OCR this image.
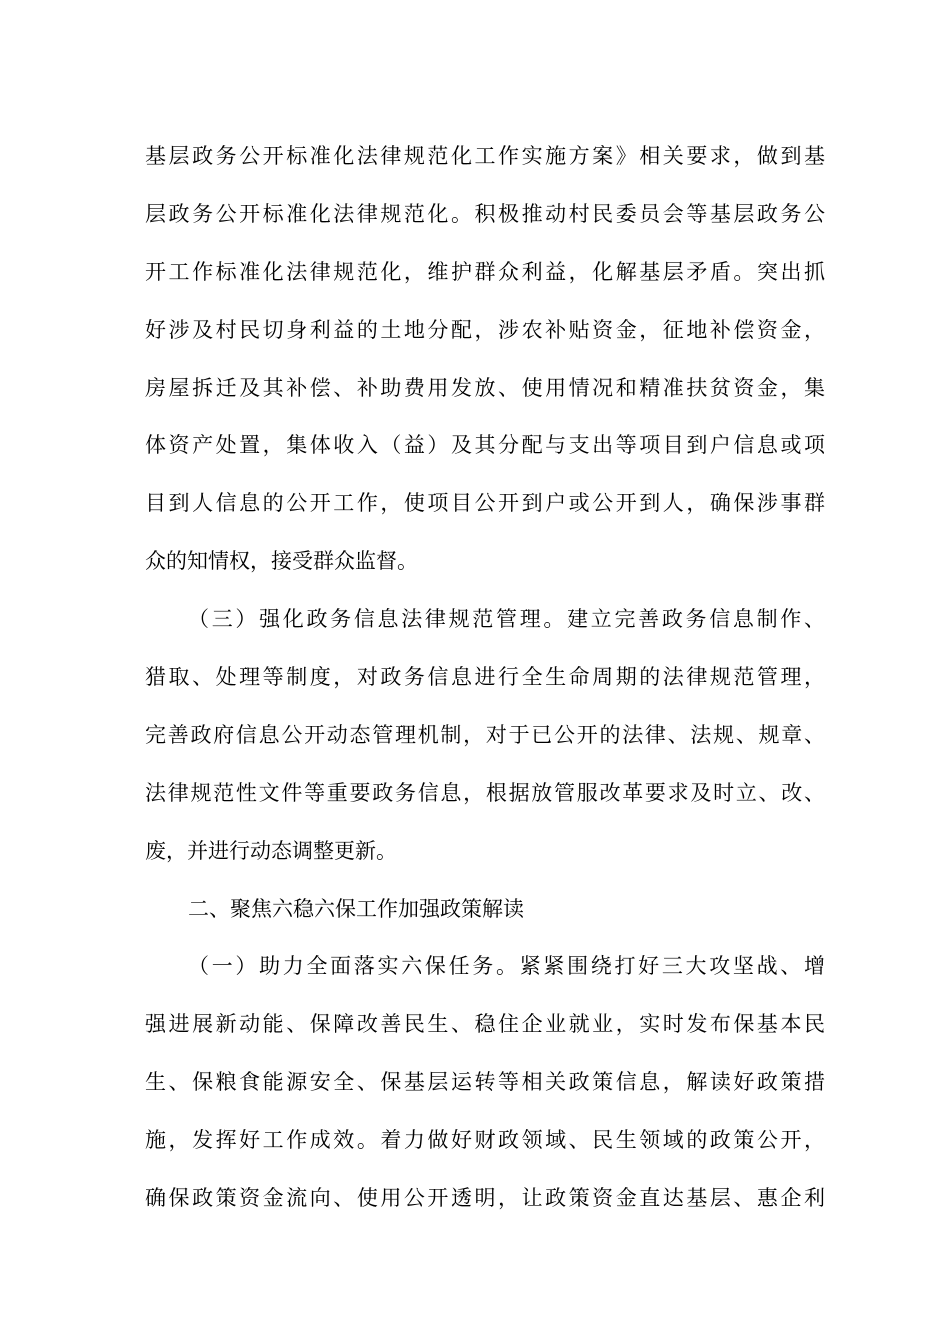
基层政务公开标准化法律规范化工作实施方案》相关要求，做到基
层政务公开标准化法律规范化。积极推动村民委员会等基层政务公
开工作标准化法律规范化，维护群众利益，化解基层矛盾。突出抓
好涉及村民切身利益的土地分配，涉农补贴资金，征地补偿资金，
房屋拆迁及其补偿、补助费用发放、使用情况和精准扶贫资金，集
体资产处置，集体收入（益）及其分配与支出等项目到户信息或项
目到人信息的公开工作，使项目公开到户或公开到人，确保涉事群
众的知情权，接受群众监督。
（三）强化政务信息法律规范管理。建立完善政务信息制作、
猎取、处理等制度，对政务信息进行全生命周期的法律规范管理，
完善政府信息公开动态管理机制，对于已公开的法律、法规、规章、
法律规范性文件等重要政务信息，根据放管服改革要求及时立、改、
废，并进行动态调整更新。
二、聚焦六稳六保工作加强政策解读
（一）助力全面落实六保任务。紧紧围绕打好三大攻坚战、增
强进展新动能、保障改善民生、稳住企业就业，实时发布保基本民
生、保粮食能源安全、保基层运转等相关政策信息，解读好政策措
施，发挥好工作成效。着力做好财政领域、民生领域的政策公开，
确保政策资金流向、使用公开透明，让政策资金直达基层、惠企利
